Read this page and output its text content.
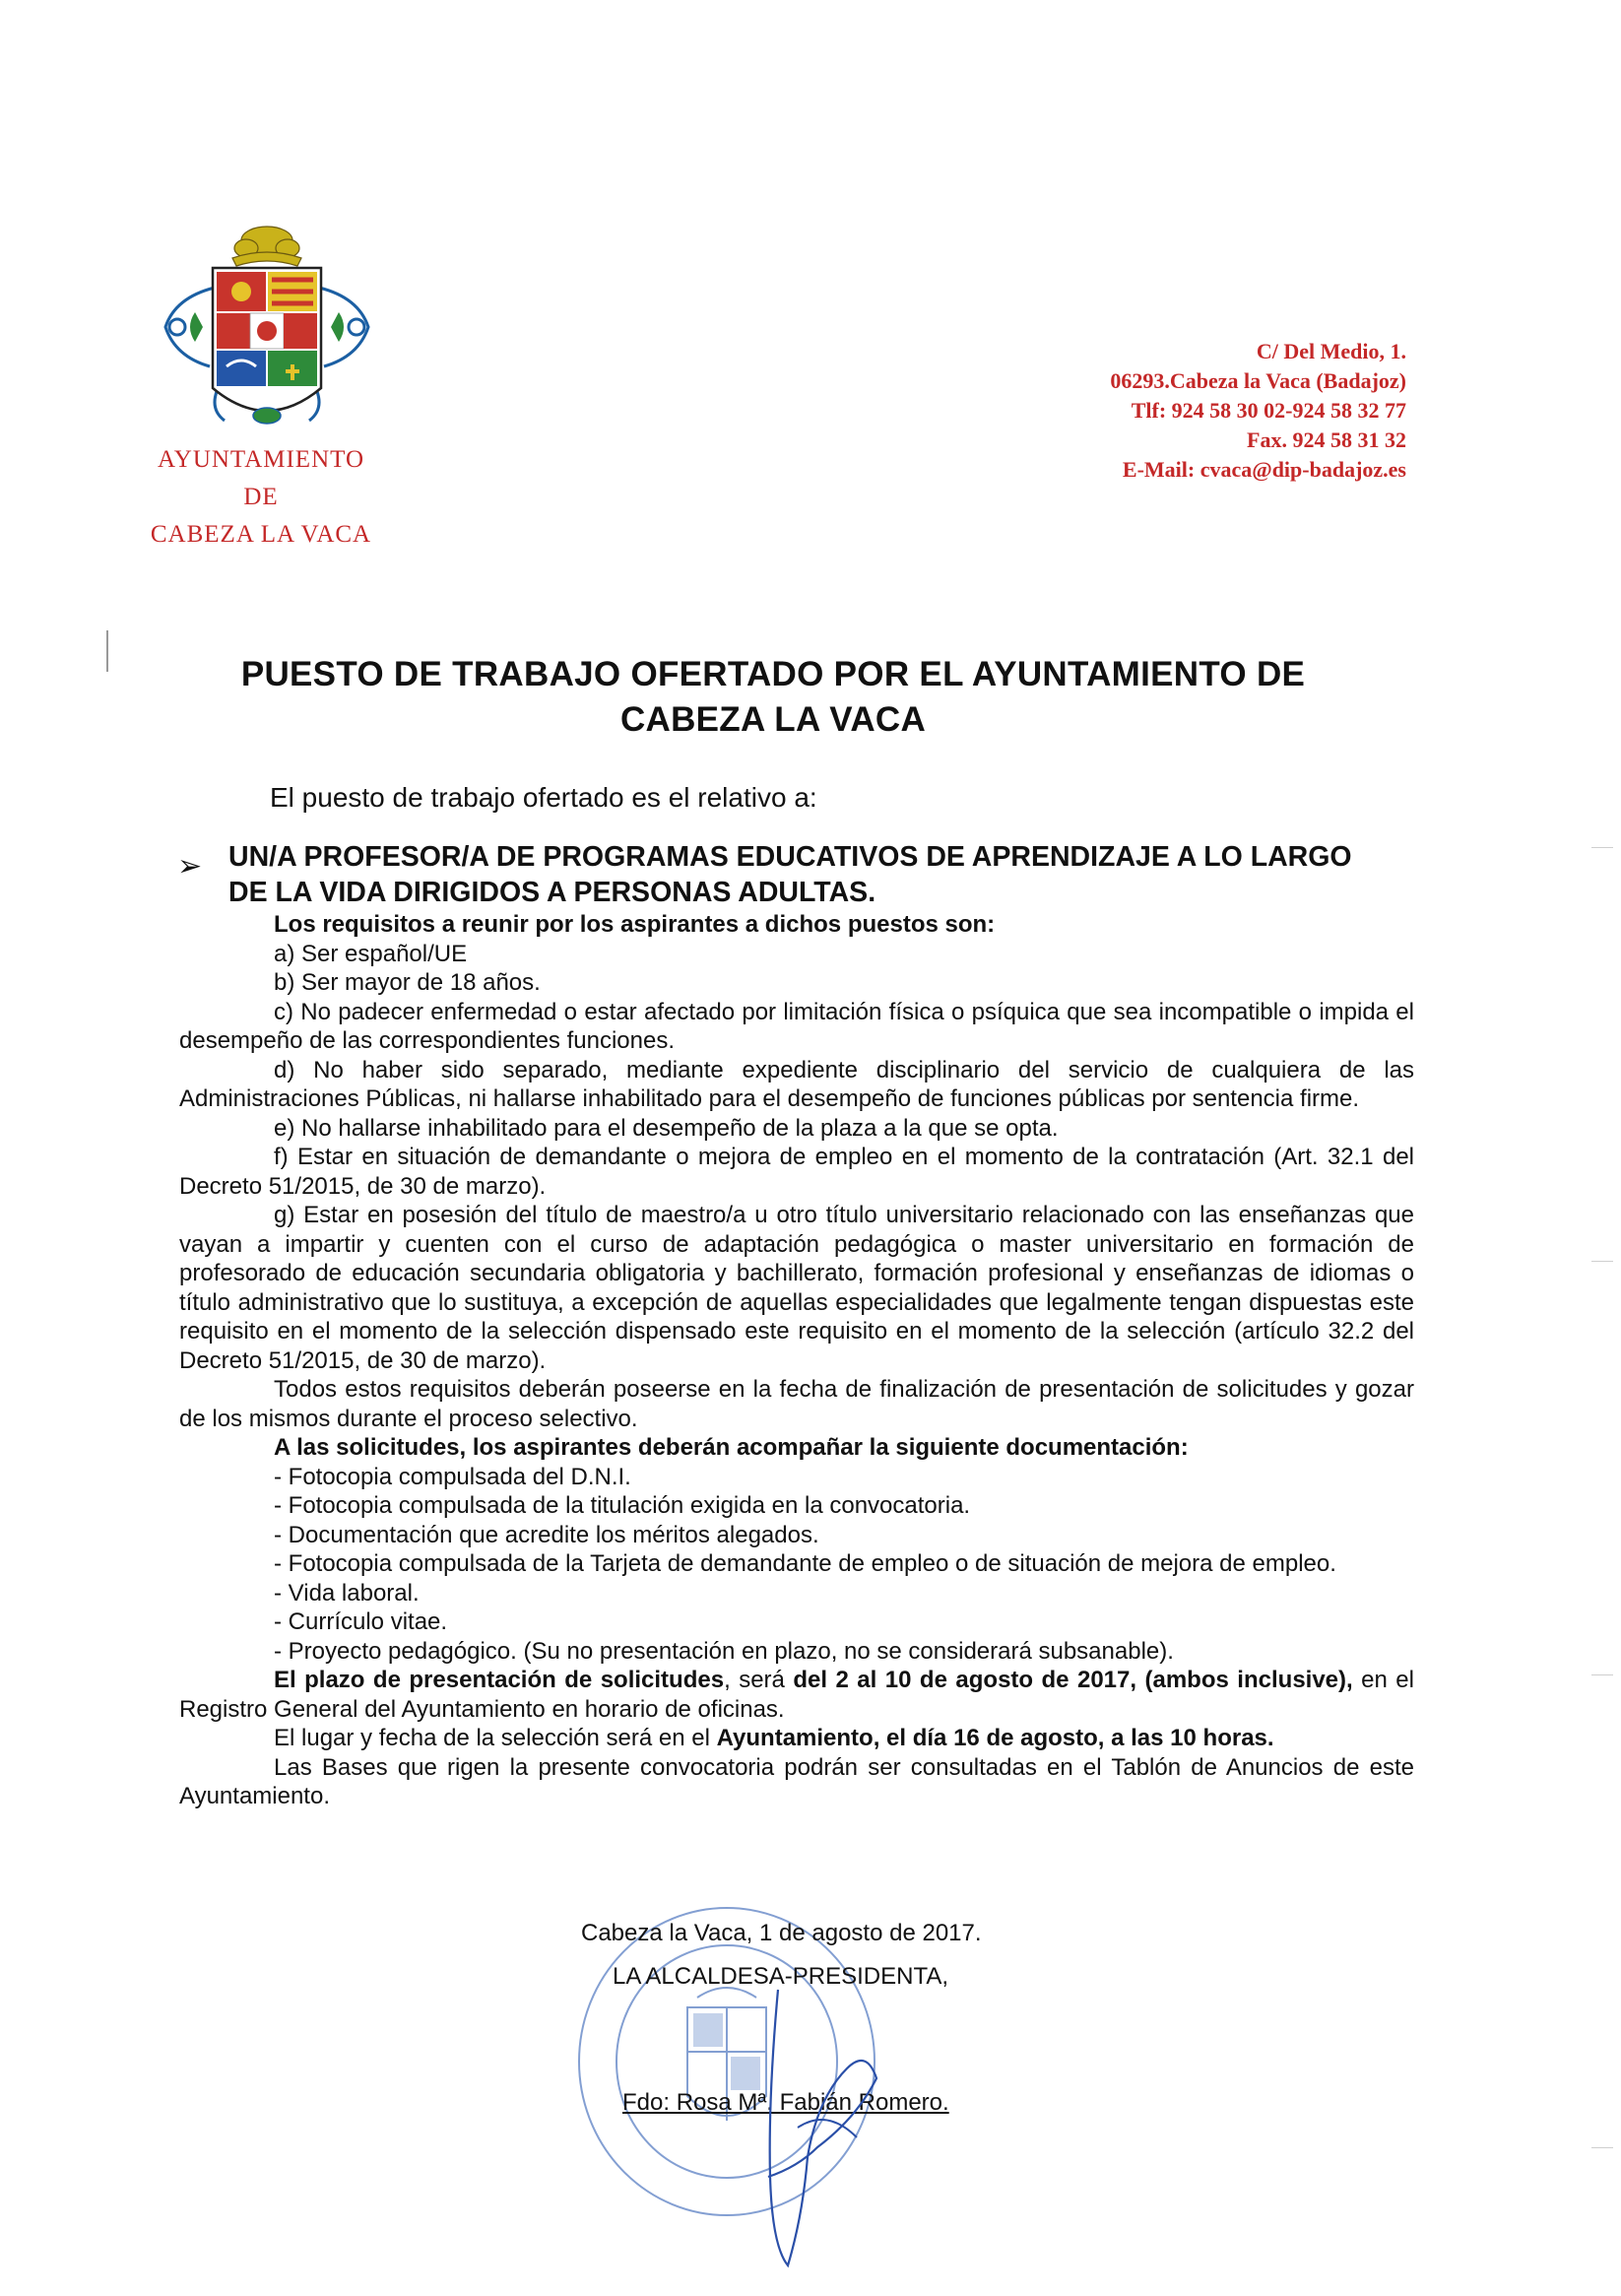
AYUNTAMIENTO
DE
CABEZA LA VACA
C/ Del Medio, 1.
06293.Cabeza la Vaca (Badajoz)
Tlf: 924 58 30 02-924 58 32 77
Fax. 924 58 31 32
E-Mail: cvaca@dip-badajoz.es
PUESTO DE TRABAJO OFERTADO POR EL AYUNTAMIENTO DE
CABEZA LA VACA
El puesto de trabajo ofertado es el relativo a:
➢ UN/A PROFESOR/A DE PROGRAMAS EDUCATIVOS DE APRENDIZAJE A LO LARGO
DE LA VIDA DIRIGIDOS A PERSONAS ADULTAS.
Los requisitos a reunir por los aspirantes a dichos puestos son:
a) Ser español/UE
b) Ser mayor de 18 años.
c) No padecer enfermedad o estar afectado por limitación física o psíquica que sea incompatible o impida el desempeño de las correspondientes funciones.
d) No haber sido separado, mediante expediente disciplinario del servicio de cualquiera de las Administraciones Públicas, ni hallarse inhabilitado para el desempeño de funciones públicas por sentencia firme.
e) No hallarse inhabilitado para el desempeño de la plaza a la que se opta.
f) Estar en situación de demandante o mejora de empleo en el momento de la contratación (Art. 32.1 del Decreto 51/2015, de 30 de marzo).
g) Estar en posesión del título de maestro/a u otro título universitario relacionado con las enseñanzas que vayan a impartir y cuenten con el curso de adaptación pedagógica o master universitario en formación de profesorado de educación secundaria obligatoria y bachillerato, formación profesional y enseñanzas de idiomas o título administrativo que lo sustituya, a excepción de aquellas especialidades que legalmente tengan dispuestas este requisito en el momento de la selección dispensado este requisito en el momento de la selección (artículo 32.2 del Decreto 51/2015, de 30 de marzo).
Todos estos requisitos deberán poseerse en la fecha de finalización de presentación de solicitudes y gozar de los mismos durante el proceso selectivo.
A las solicitudes, los aspirantes deberán acompañar la siguiente documentación:
- Fotocopia compulsada del D.N.I.
- Fotocopia compulsada de la titulación exigida en la convocatoria.
- Documentación que acredite los méritos alegados.
- Fotocopia compulsada de la Tarjeta de demandante de empleo o de situación de mejora de empleo.
- Vida laboral.
- Currículo vitae.
- Proyecto pedagógico. (Su no presentación en plazo, no se considerará subsanable).
El plazo de presentación de solicitudes, será del 2 al 10 de agosto de 2017, (ambos inclusive), en el Registro General del Ayuntamiento en horario de oficinas.
El lugar y fecha de la selección será en el Ayuntamiento, el día 16 de agosto, a las 10 horas.
Las Bases que rigen la presente convocatoria podrán ser consultadas en el Tablón de Anuncios de este Ayuntamiento.
Cabeza la Vaca, 1 de agosto de 2017.
LA ALCALDESA-PRESIDENTA,
Fdo: Rosa Mª. Fabián Romero.
